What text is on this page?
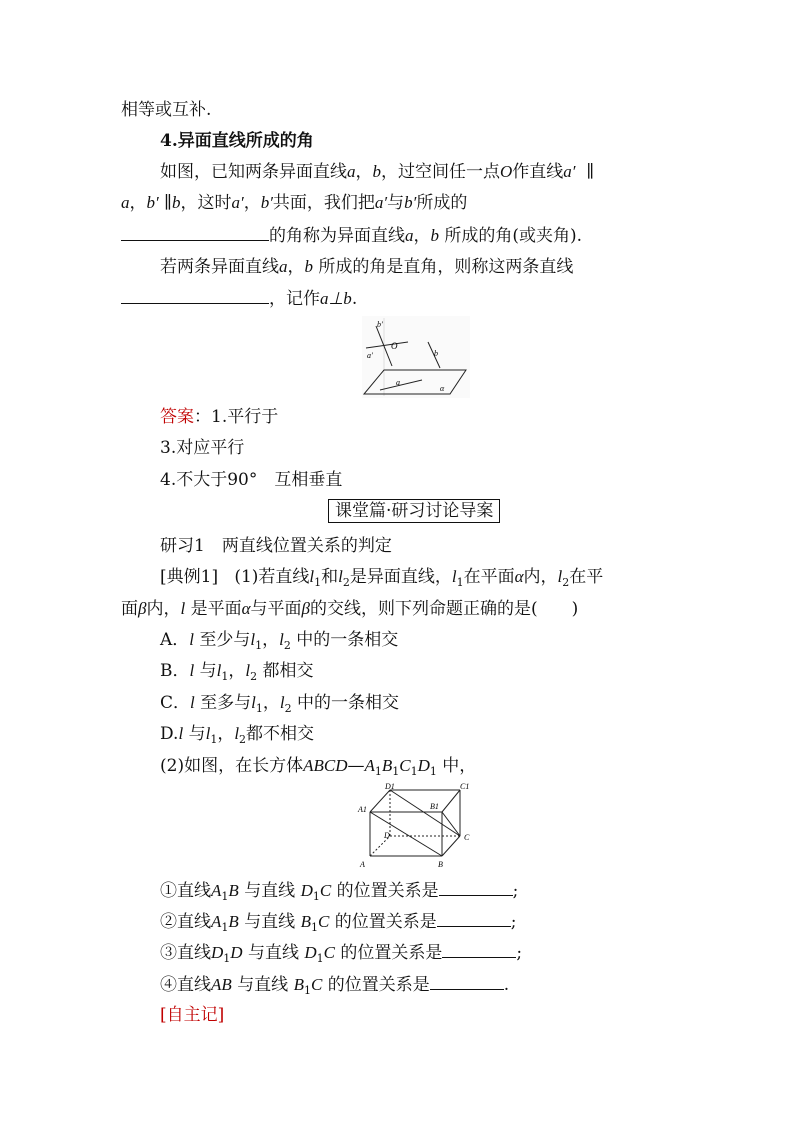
相等或互补.
4.异面直线所成的角
如图，已知两条异面直线a，b，过空间任一点O作直线a′ ∥
a，b′ ∥b，这时a′，b′共面，我们把a′与b′所成的
的角称为异面直线a，b 所成的角(或夹角).
若两条异面直线a，b 所成的角是直角，则称这两条直线
，记作a⊥b.
b′
O
a′	b
a
α
答案：1.平行于
3.对应平行
4.不大于90°　互相垂直
课堂篇·研习讨论导案
研习1　两直线位置关系的判定
[典例1] (1)若直线$l_1$和$l_2$是异面直线，$l_1$在平面α内，$l_2$在平
面β内，l 是平面α与平面β的交线，则下列命题正确的是(　　)
A．l 至少与$l_1$，$l_2$ 中的一条相交
B．l 与$l_1$，$l_2$ 都相交
C．l 至多与$l_1$，$l_2$ 中的一条相交
D.l 与$l_1$，$l_2$都不相交
(2)如图，在长方体$ABCD—A_1B_1C_1D_1$ 中，
D1	C1
A1	B1
D	C
A	B
①直线$A_1B$ 与直线 $D_1C$ 的位置关系是	;
②直线$A_1B$ 与直线 $B_1C$ 的位置关系是	;
③直线$D_1D$ 与直线 $D_1C$ 的位置关系是	;
④直线AB 与直线 $B_1C$ 的位置关系是	.
[自主记]
